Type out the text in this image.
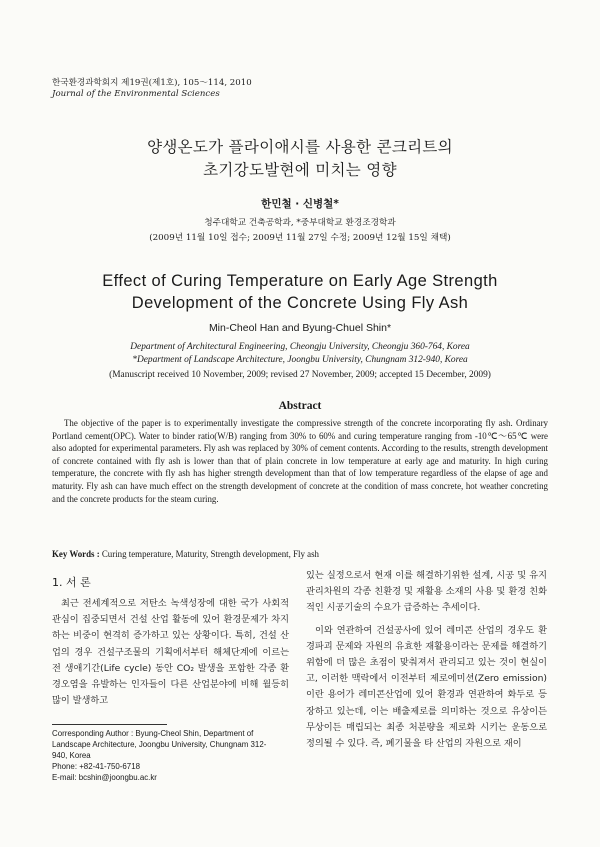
한국환경과학회지 제19권(제1호), 105～114, 2010
Journal of the Environmental Sciences
양생온도가 플라이애시를 사용한 콘크리트의
초기강도발현에 미치는 영향
한민철 · 신병철*
청주대학교 건축공학과, *중부대학교 환경조경학과
(2009년 11월 10일 접수; 2009년 11월 27일 수정; 2009년 12월 15일 채택)
Effect of Curing Temperature on Early Age Strength
Development of the Concrete Using Fly Ash
Min-Cheol Han and Byung-Chuel Shin*
Department of Architectural Engineering, Cheongju University, Cheongju 360-764, Korea
*Department of Landscape Architecture, Joongbu University, Chungnam 312-940, Korea
(Manuscript received 10 November, 2009; revised 27 November, 2009; accepted 15 December, 2009)
Abstract

The objective of the paper is to experimentally investigate the compressive strength of the concrete incorporating fly ash. Ordinary Portland cement(OPC). Water to binder ratio(W/B) ranging from 30% to 60% and curing temperature ranging from -10℃～65℃ were also adopted for experimental parameters. Fly ash was replaced by 30% of cement contents. According to the results, strength development of concrete contained with fly ash is lower than that of plain concrete in low temperature at early age and maturity. In high curing temperature, the concrete with fly ash has higher strength development than that of low temperature regardless of the elapse of age and maturity. Fly ash can have much effect on the strength development of concrete at the condition of mass concrete, hot weather concreting and the concrete products for the steam curing.

Key Words : Curing temperature, Maturity, Strength development, Fly ash
1. 서 론

최근 전세계적으로 저탄소 녹색성장에 대한 국가 사회적 관심이 집중되면서 건설 산업 활동에 있어 환경문제가 차지하는 비중이 현격히 증가하고 있는 상황이다. 특히, 건설 산업의 경우 건설구조물의 기획에서부터 해체단계에 이르는 전 생애기간(Life cycle) 동안 CO₂ 발생을 포함한 각종 환경오염을 유발하는 인자들이 다른 산업분야에 비해 월등히 많이 발생하고

있는 실정으로서 현재 이를 해결하기위한 설계, 시공 및 유지관리차원의 각종 친환경 및 재활용 소재의 사용 및 환경 친화적인 시공기술의 수요가 급증하는 추세이다.

이와 연관하여 건설공사에 있어 레미콘 산업의 경우도 환경파괴 문제와 자원의 유효한 재활용이라는 문제를 해결하기 위함에 더 많은 초점이 맞춰져서 관리되고 있는 것이 현실이고, 이러한 맥락에서 이전부터 제로에미션(Zero emission)이란 용어가 레미콘산업에 있어 환경과 연관하여 화두로 등장하고 있는데, 이는 배출제로를 의미하는 것으로 유상이든 무상이든 매립되는 최종 처분량을 제로화 시키는 운동으로 정의될 수 있다. 즉, 폐기물을 타 산업의 자원으로 재이

Corresponding Author : Byung-Cheol Shin, Department of
Landscape Architecture, Joongbu University, Chungnam 312-
940, Korea
Phone: +82-41-750-6718
E-mail: bcshin@joongbu.ac.kr
